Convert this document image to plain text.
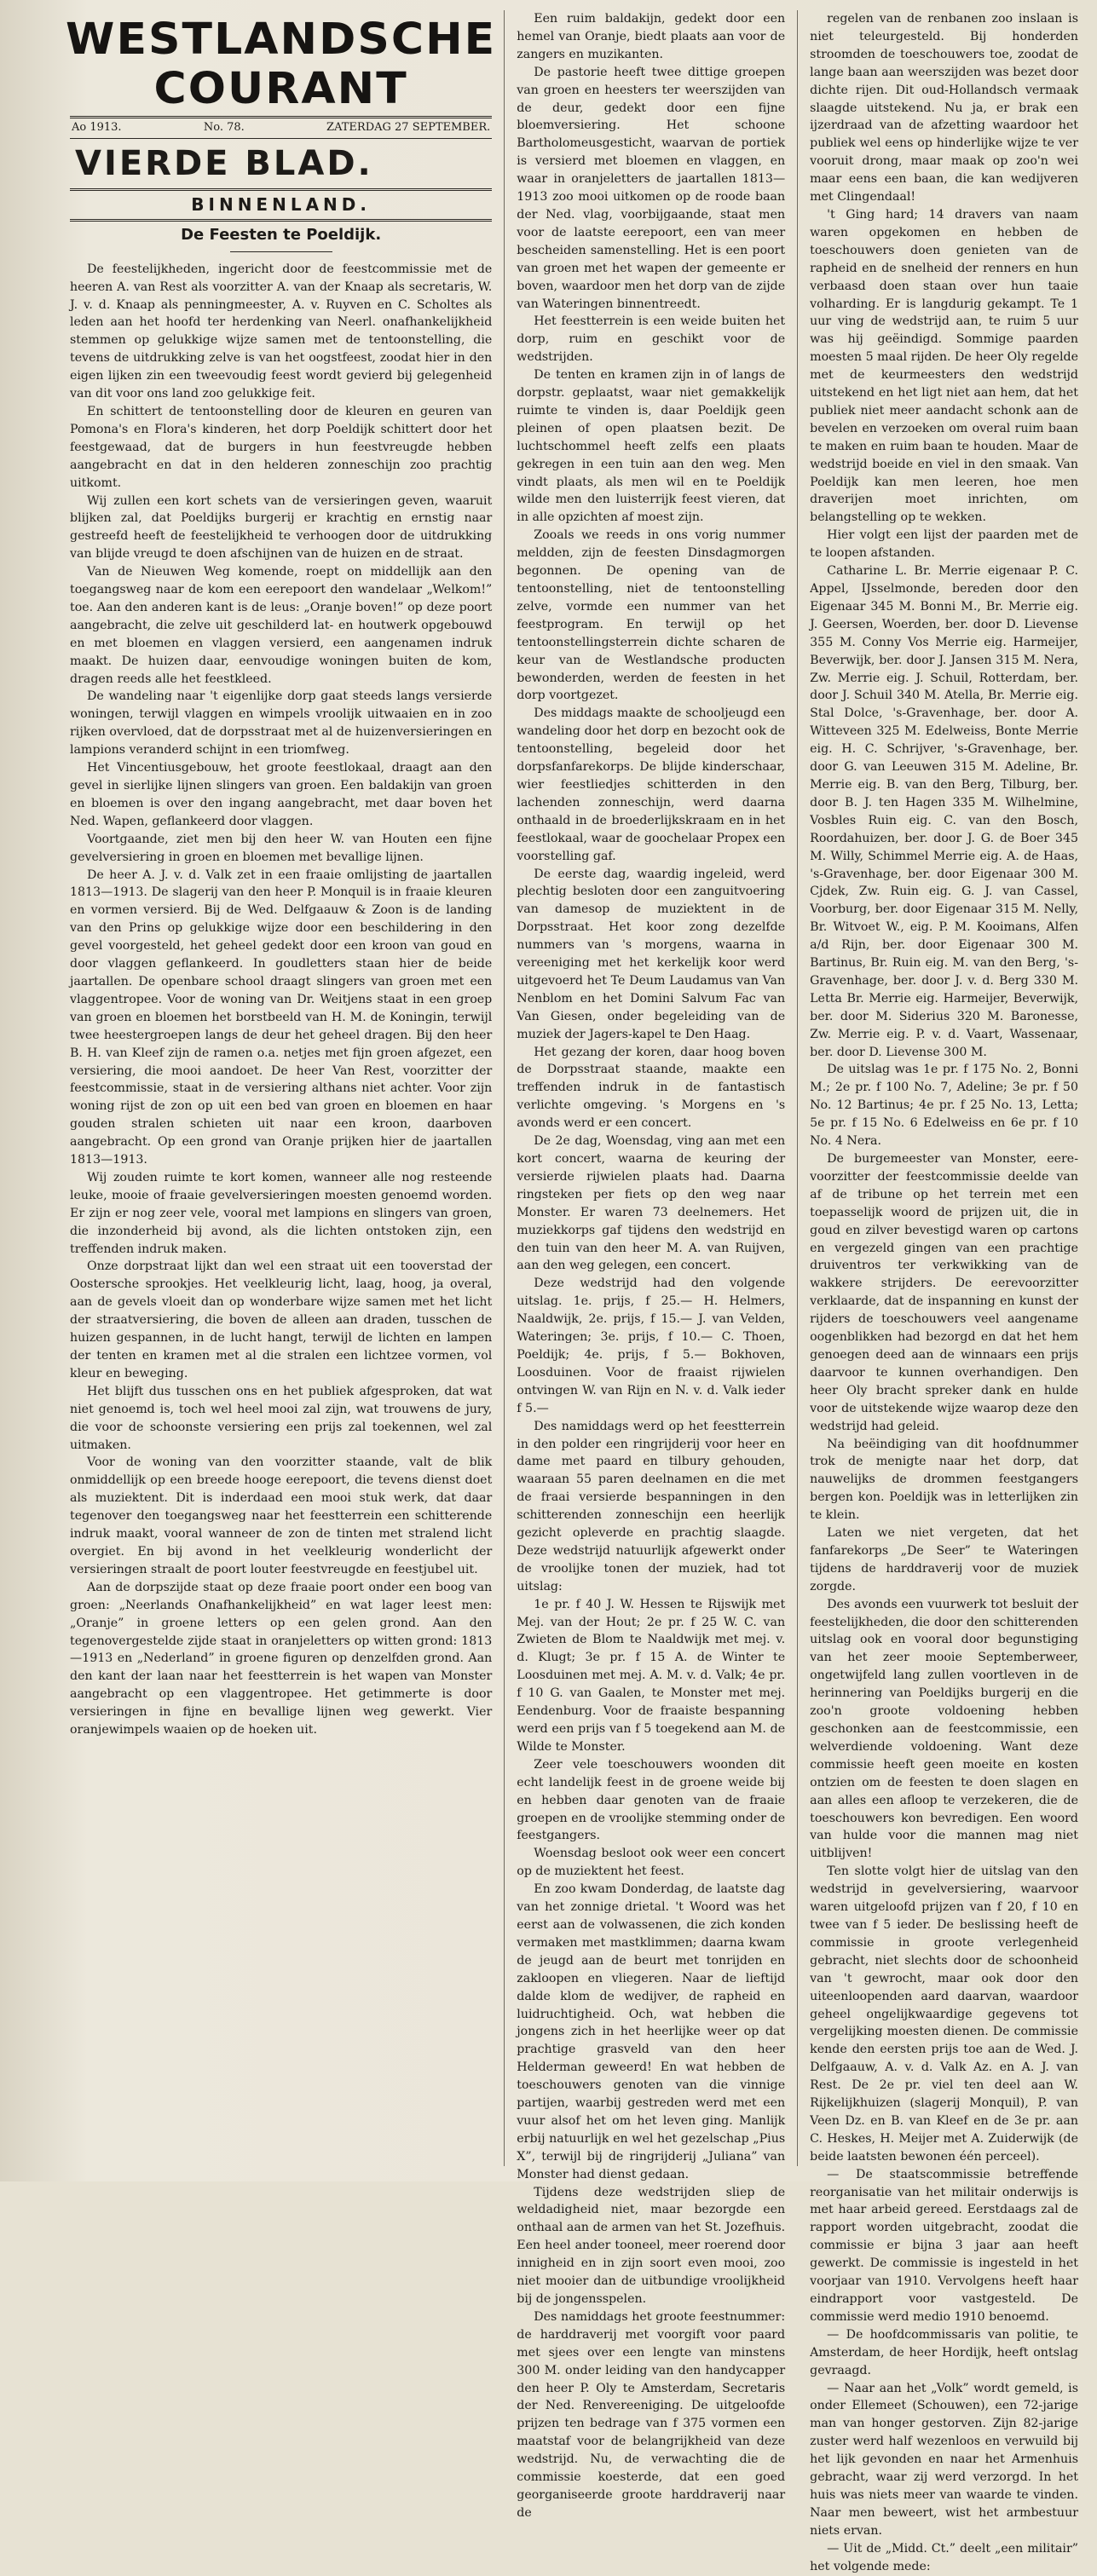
WESTLANDSCHE COURANT
Ao 1913.	No. 78.	ZATERDAG 27 SEPTEMBER.
VIERDE BLAD.
BINNENLAND.
De Feesten te Poeldijk.

De feestelijkheden, ingericht door de feestcommissie met de heeren A. van Rest als voorzitter A. van der Knaap als secretaris, W. J. v. d. Knaap als penningmeester, A. v. Ruyven en C. Scholtes als leden aan het hoofd ter herdenking van Neerl. onafhankelijkheid stemmen op gelukkige wijze samen met de tentoonstelling, die tevens de uitdrukking zelve is van het oogstfeest, zoodat hier in den eigen lijken zin een tweevoudig feest wordt gevierd bij gelegenheid van dit voor ons land zoo gelukkige feit.

En schittert de tentoonstelling door de kleuren en geuren van Pomona's en Flora's kinderen, het dorp Poeldijk schittert door het feestgewaad, dat de burgers in hun feestvreugde hebben aangebracht en dat in den helderen zonneschijn zoo prachtig uitkomt.

Wij zullen een kort schets van de versieringen geven, waaruit blijken zal, dat Poeldijks burgerij er krachtig en ernstig naar gestreefd heeft de feestelijkheid te verhoogen door de uitdrukking van blijde vreugd te doen afschijnen van de huizen en de straat.

Van de Nieuwen Weg komende, roept on middellijk aan den toegangsweg naar de kom een eerepoort den wandelaar „Welkom!” toe. Aan den anderen kant is de leus: „Oranje boven!” op deze poort aangebracht, die zelve uit geschilderd lat- en houtwerk opgebouwd en met bloemen en vlaggen versierd, een aangenamen indruk maakt. De huizen daar, eenvoudige woningen buiten de kom, dragen reeds alle het feestkleed.

De wandeling naar 't eigenlijke dorp gaat steeds langs versierde woningen, terwijl vlaggen en wimpels vroolijk uitwaaien en in zoo rijken overvloed, dat de dorpsstraat met al de huizenversieringen en lampions veranderd schijnt in een triomfweg.

Het Vincentiusgebouw, het groote feestlokaal, draagt aan den gevel in sierlijke lijnen slingers van groen. Een baldakijn van groen en bloemen is over den ingang aangebracht, met daar boven het Ned. Wapen, geflankeerd door vlaggen.

Voortgaande, ziet men bij den heer W. van Houten een fijne gevelversiering in groen en bloemen met bevallige lijnen.

De heer A. J. v. d. Valk zet in een fraaie omlijsting de jaartallen 1813—1913. De slagerij van den heer P. Monquil is in fraaie kleuren en vormen versierd. Bij de Wed. Delfgaauw & Zoon is de landing van den Prins op gelukkige wijze door een beschildering in den gevel voorgesteld, het geheel gedekt door een kroon van goud en door vlaggen geflankeerd. In goudletters staan hier de beide jaartallen. De openbare school draagt slingers van groen met een vlaggentropee. Voor de woning van Dr. Weitjens staat in een groep van groen en bloemen het borstbeeld van H. M. de Koningin, terwijl twee heestergroepen langs de deur het geheel dragen. Bij den heer B. H. van Kleef zijn de ramen o.a. netjes met fijn groen afgezet, een versiering, die mooi aandoet. De heer Van Rest, voorzitter der feestcommissie, staat in de versiering althans niet achter. Voor zijn woning rijst de zon op uit een bed van groen en bloemen en haar gouden stralen schieten uit naar een kroon, daarboven aangebracht. Op een grond van Oranje prijken hier de jaartallen 1813—1913.

Wij zouden ruimte te kort komen, wanneer alle nog resteende leuke, mooie of fraaie gevelversieringen moesten genoemd worden. Er zijn er nog zeer vele, vooral met lampions en slingers van groen, die inzonderheid bij avond, als die lichten ontstoken zijn, een treffenden indruk maken.

Onze dorpstraat lijkt dan wel een straat uit een tooverstad der Oostersche sprookjes. Het veelkleurig licht, laag, hoog, ja overal, aan de gevels vloeit dan op wonderbare wijze samen met het licht der straatversiering, die boven de alleen aan draden, tusschen de huizen gespannen, in de lucht hangt, terwijl de lichten en lampen der tenten en kramen met al die stralen een lichtzee vormen, vol kleur en beweging.

Het blijft dus tusschen ons en het publiek afgesproken, dat wat niet genoemd is, toch wel heel mooi zal zijn, wat trouwens de jury, die voor de schoonste versiering een prijs zal toekennen, wel zal uitmaken.

Voor de woning van den voorzitter staande, valt de blik onmiddellijk op een breede hooge eerepoort, die tevens dienst doet als muziektent. Dit is inderdaad een mooi stuk werk, dat daar tegenover den toegangsweg naar het feestterrein een schitterende indruk maakt, vooral wanneer de zon de tinten met stralend licht overgiet. En bij avond in het veelkleurig wonderlicht der versieringen straalt de poort louter feestvreugde en feestjubel uit.

Aan de dorpszijde staat op deze fraaie poort onder een boog van groen: „Neerlands Onafhankelijkheid” en wat lager leest men: „Oranje” in groene letters op een gelen grond. Aan den tegenovergestelde zijde staat in oranjeletters op witten grond: 1813—1913 en „Nederland” in groene figuren op denzelfden grond. Aan den kant der laan naar het feestterrein is het wapen van Monster aangebracht op een vlaggentropee. Het getimmerte is door versieringen in fijne en bevallige lijnen weg gewerkt. Vier oranjewimpels waaien op de hoeken uit.

Een ruim baldakijn, gedekt door een hemel van Oranje, biedt plaats aan voor de zangers en muzikanten.

De pastorie heeft twee dittige groepen van groen en heesters ter weerszijden van de deur, gedekt door een fijne bloemversiering. Het schoone Bartholomeusgesticht, waarvan de portiek is versierd met bloemen en vlaggen, en waar in oranjeletters de jaartallen 1813—1913 zoo mooi uitkomen op de roode baan der Ned. vlag, voorbijgaande, staat men voor de laatste eerepoort, een van meer bescheiden samenstelling. Het is een poort van groen met het wapen der gemeente er boven, waardoor men het dorp van de zijde van Wateringen binnentreedt.

Het feestterrein is een weide buiten het dorp, ruim en geschikt voor de wedstrijden.

De tenten en kramen zijn in of langs de dorpstr. geplaatst, waar niet gemakkelijk ruimte te vinden is, daar Poeldijk geen pleinen of open plaatsen bezit. De luchtschommel heeft zelfs een plaats gekregen in een tuin aan den weg. Men vindt plaats, als men wil en te Poeldijk wilde men den luisterrijk feest vieren, dat in alle opzichten af moest zijn.

Zooals we reeds in ons vorig nummer meldden, zijn de feesten Dinsdagmorgen begonnen. De opening van de tentoonstelling, niet de tentoonstelling zelve, vormde een nummer van het feestprogram. En terwijl op het tentoonstellingsterrein dichte scharen de keur van de Westlandsche producten bewonderden, werden de feesten in het dorp voortgezet.

Des middags maakte de schooljeugd een wandeling door het dorp en bezocht ook de tentoonstelling, begeleid door het dorpsfanfarekorps. De blijde kinderschaar, wier feestliedjes schitterden in den lachenden zonneschijn, werd daarna onthaald in de broederlijkskraam en in het feestlokaal, waar de goochelaar Propex een voorstelling gaf.

De eerste dag, waardig ingeleid, werd plechtig besloten door een zanguitvoering van damesop de muziektent in de Dorpsstraat. Het koor zong dezelfde nummers van 's morgens, waarna in vereeniging met het kerkelijk koor werd uitgevoerd het Te Deum Laudamus van Van Nenblom en het Domini Salvum Fac van Van Giesen, onder begeleiding van de muziek der Jagers-kapel te Den Haag.

Het gezang der koren, daar hoog boven de Dorpsstraat staande, maakte een treffenden indruk in de fantastisch verlichte omgeving. 's Morgens en 's avonds werd er een concert.

De 2e dag, Woensdag, ving aan met een kort concert, waarna de keuring der versierde rijwielen plaats had. Daarna ringsteken per fiets op den weg naar Monster. Er waren 73 deelnemers. Het muziekkorps gaf tijdens den wedstrijd en den tuin van den heer M. A. van Ruijven, aan den weg gelegen, een concert.

Deze wedstrijd had den volgende uitslag. 1e. prijs, f 25.— H. Helmers, Naaldwijk, 2e. prijs, f 15.— J. van Velden, Wateringen; 3e. prijs, f 10.— C. Thoen, Poeldijk; 4e. prijs, f 5.— Bokhoven, Loosduinen. Voor de fraaist rijwielen ontvingen W. van Rijn en N. v. d. Valk ieder f 5.—

Des namiddags werd op het feestterrein in den polder een ringrijderij voor heer en dame met paard en tilbury gehouden, waaraan 55 paren deelnamen en die met de fraai versierde bespanningen in den schitterenden zonneschijn een heerlijk gezicht opleverde en prachtig slaagde. Deze wedstrijd natuurlijk afgewerkt onder de vroolijke tonen der muziek, had tot uitslag:

1e pr. f 40 J. W. Hessen te Rijswijk met Mej. van der Hout; 2e pr. f 25 W. C. van Zwieten de Blom te Naaldwijk met mej. v. d. Klugt; 3e pr. f 15 A. de Winter te Loosduinen met mej. A. M. v. d. Valk; 4e pr. f 10 G. van Gaalen, te Monster met mej. Eendenburg. Voor de fraaiste bespanning werd een prijs van f 5 toegekend aan M. de Wilde te Monster.

Zeer vele toeschouwers woonden dit echt landelijk feest in de groene weide bij en hebben daar genoten van de fraaie groepen en de vroolijke stemming onder de feestgangers.

Woensdag besloot ook weer een concert op de muziektent het feest.

En zoo kwam Donderdag, de laatste dag van het zonnige drietal. 't Woord was het eerst aan de volwassenen, die zich konden vermaken met mastklimmen; daarna kwam de jeugd aan de beurt met tonrijden en zakloopen en vliegeren. Naar de lieftijd dalde klom de wedijver, de rapheid en luidruchtigheid. Och, wat hebben die jongens zich in het heerlijke weer op dat prachtige grasveld van den heer Helderman geweerd! En wat hebben de toeschouwers genoten van die vinnige partijen, waarbij gestreden werd met een vuur alsof het om het leven ging. Manlijk erbij natuurlijk en wel het gezelschap „Pius X”, terwijl bij de ringrijderij „Juliana” van Monster had dienst gedaan.

Tijdens deze wedstrijden sliep de weldadigheid niet, maar bezorgde een onthaal aan de armen van het St. Jozefhuis. Een heel ander tooneel, meer roerend door innigheid en in zijn soort even mooi, zoo niet mooier dan de uitbundige vroolijkheid bij de jongensspelen.

Des namiddags het groote feestnummer: de harddraverij met voorgift voor paard met sjees over een lengte van minstens 300 M. onder leiding van den handycapper den heer P. Oly te Amsterdam, Secretaris der Ned. Renvereeniging. De uitgeloofde prijzen ten bedrage van f 375 vormen een maatstaf voor de belangrijkheid van deze wedstrijd. Nu, de verwachting die de commissie koesterde, dat een goed georganiseerde groote harddraverij naar de

regelen van de renbanen zoo inslaan is niet teleurgesteld. Bij honderden stroomden de toeschouwers toe, zoodat de lange baan aan weerszijden was bezet door dichte rijen. Dit oud-Hollandsch vermaak slaagde uitstekend. Nu ja, er brak een ijzerdraad van de afzetting waardoor het publiek wel eens op hinderlijke wijze te ver vooruit drong, maar maak op zoo'n wei maar eens een baan, die kan wedijveren met Clingendaal!

't Ging hard; 14 dravers van naam waren opgekomen en hebben de toeschouwers doen genieten van de rapheid en de snelheid der renners en hun verbaasd doen staan over hun taaie volharding. Er is langdurig gekampt. Te 1 uur ving de wedstrijd aan, te ruim 5 uur was hij geëindigd. Sommige paarden moesten 5 maal rijden. De heer Oly regelde met de keurmeesters den wedstrijd uitstekend en het ligt niet aan hem, dat het publiek niet meer aandacht schonk aan de bevelen en verzoeken om overal ruim baan te maken en ruim baan te houden. Maar de wedstrijd boeide en viel in den smaak. Van Poeldijk kan men leeren, hoe men draverijen moet inrichten, om belangstelling op te wekken.

Hier volgt een lijst der paarden met de te loopen afstanden.

Catharine L. Br. Merrie eigenaar P. C. Appel, IJsselmonde, bereden door den Eigenaar 345 M. Bonni M., Br. Merrie eig. J. Geersen, Woerden, ber. door D. Lievense 355 M. Conny Vos Merrie eig. Harmeijer, Beverwijk, ber. door J. Jansen 315 M. Nera, Zw. Merrie eig. J. Schuil, Rotterdam, ber. door J. Schuil 340 M. Atella, Br. Merrie eig. Stal Dolce, 's-Gravenhage, ber. door A. Witteveen 325 M. Edelweiss, Bonte Merrie eig. H. C. Schrijver, 's-Gravenhage, ber. door G. van Leeuwen 315 M. Adeline, Br. Merrie eig. B. van den Berg, Tilburg, ber. door B. J. ten Hagen 335 M. Wilhelmine, Vosbles Ruin eig. C. van den Bosch, Roordahuizen, ber. door J. G. de Boer 345 M. Willy, Schimmel Merrie eig. A. de Haas, 's-Gravenhage, ber. door Eigenaar 300 M. Cjdek, Zw. Ruin eig. G. J. van Cassel, Voorburg, ber. door Eigenaar 315 M. Nelly, Br. Witvoet W., eig. P. M. Kooimans, Alfen a/d Rijn, ber. door Eigenaar 300 M. Bartinus, Br. Ruin eig. M. van den Berg, 's-Gravenhage, ber. door J. v. d. Berg 330 M. Letta Br. Merrie eig. Harmeijer, Beverwijk, ber. door M. Siderius 320 M. Baronesse, Zw. Merrie eig. P. v. d. Vaart, Wassenaar, ber. door D. Lievense 300 M.

De uitslag was 1e pr. f 175 No. 2, Bonni M.; 2e pr. f 100 No. 7, Adeline; 3e pr. f 50 No. 12 Bartinus; 4e pr. f 25 No. 13, Letta; 5e pr. f 15 No. 6 Edelweiss en 6e pr. f 10 No. 4 Nera.

De burgemeester van Monster, eere-voorzitter der feestcommissie deelde van af de tribune op het terrein met een toepasselijk woord de prijzen uit, die in goud en zilver bevestigd waren op cartons en vergezeld gingen van een prachtige druiventros ter verkwikking van de wakkere strijders. De eerevoorzitter verklaarde, dat de inspanning en kunst der rijders de toeschouwers veel aangename oogenblikken had bezorgd en dat het hem genoegen deed aan de winnaars een prijs daarvoor te kunnen overhandigen. Den heer Oly bracht spreker dank en hulde voor de uitstekende wijze waarop deze den wedstrijd had geleid.

Na beëindiging van dit hoofdnummer trok de menigte naar het dorp, dat nauwelijks de drommen feestgangers bergen kon. Poeldijk was in letterlijken zin te klein.

Laten we niet vergeten, dat het fanfarekorps „De Seer” te Wateringen tijdens de harddraverij voor de muziek zorgde.

Des avonds een vuurwerk tot besluit der feestelijkheden, die door den schitterenden uitslag ook en vooral door begunstiging van het zeer mooie Septemberweer, ongetwijfeld lang zullen voortleven in de herinnering van Poeldijks burgerij en die zoo'n groote voldoening hebben geschonken aan de feestcommissie, een welverdiende voldoening. Want deze commissie heeft geen moeite en kosten ontzien om de feesten te doen slagen en aan alles een afloop te verzekeren, die de toeschouwers kon bevredigen. Een woord van hulde voor die mannen mag niet uitblijven!

Ten slotte volgt hier de uitslag van den wedstrijd in gevelversiering, waarvoor waren uitgeloofd prijzen van f 20, f 10 en twee van f 5 ieder. De beslissing heeft de commissie in groote verlegenheid gebracht, niet slechts door de schoonheid van 't gewrocht, maar ook door den uiteenloopenden aard daarvan, waardoor geheel ongelijkwaardige gegevens tot vergelijking moesten dienen. De commissie kende den eersten prijs toe aan de Wed. J. Delfgaauw, A. v. d. Valk Az. en A. J. van Rest. De 2e pr. viel ten deel aan W. Rijkelijkhuizen (slagerij Monquil), P. van Veen Dz. en B. van Kleef en de 3e pr. aan C. Heskes, H. Meijer met A. Zuiderwijk (de beide laatsten bewonen één perceel).

— De staatscommissie betreffende reorganisatie van het militair onderwijs is met haar arbeid gereed. Eerstdaags zal de rapport worden uitgebracht, zoodat die commissie er bijna 3 jaar aan heeft gewerkt. De commissie is ingesteld in het voorjaar van 1910. Vervolgens heeft haar eindrapport voor vastgesteld. De commissie werd medio 1910 benoemd.

— De hoofdcommissaris van politie, te Amsterdam, de heer Hordijk, heeft ontslag gevraagd.

— Naar aan het „Volk” wordt gemeld, is onder Ellemeet (Schouwen), een 72-jarige man van honger gestorven. Zijn 82-jarige zuster werd half wezenloos en verwuild bij het lijk gevonden en naar het Armenhuis gebracht, waar zij werd verzorgd. In het huis was niets meer van waarde te vinden. Naar men beweert, wist het armbestuur niets ervan.

— Uit de „Midd. Ct.” deelt „een militair” het volgende mede:
